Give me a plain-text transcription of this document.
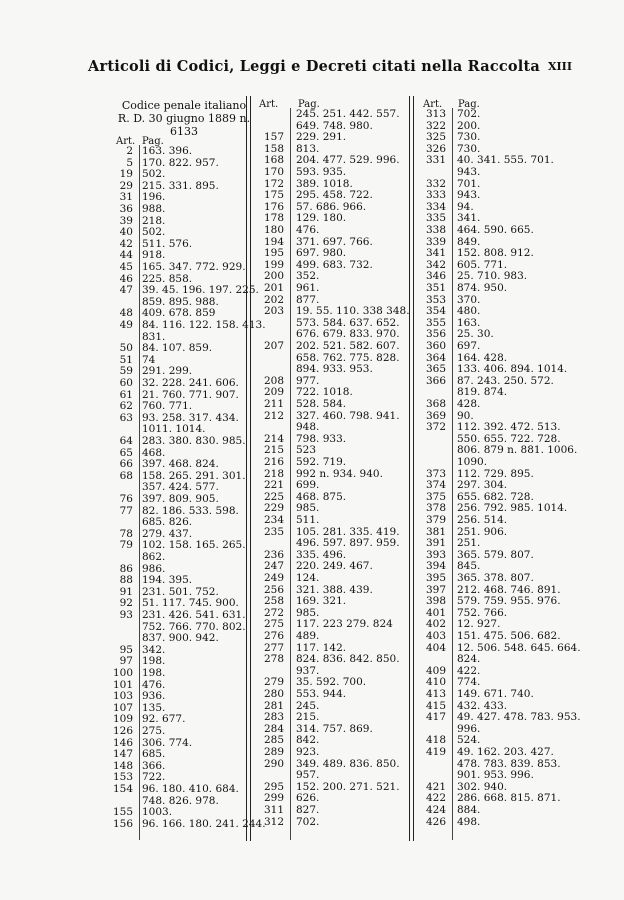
Articoli di Codici, Leggi e Decreti citati nella Raccolta XIII
Codice penale italiano
R. D. 30 giugno 1889 n. 6133
Art. Pag.
Art. Pag.	Art. Pag.
2 163. 396.
5 170. 822. 957.
19 502.
29 215. 331. 895.
31 196.
36 988.
39 218.
40 502.
42 511. 576.
44 918.
45 165. 347. 772. 929.
46 225. 858.
47 39. 45. 196. 197. 225.
859. 895. 988.
48 409. 678. 859
49 84. 116. 122. 158. 413.
831.
50 84. 107. 859.
51 74
59 291. 299.
60 32. 228. 241. 606.
61 21. 760. 771. 907.
62 760. 771.
63 93. 258. 317. 434.
1011. 1014.
64 283. 380. 830. 985.
65 468.
66 397. 468. 824.
68 158. 265. 291. 301.
357. 424. 577.
76 397. 809. 905.
77 82. 186. 533. 598.
685. 826.
78 279. 437.
79 102. 158. 165. 265.
862.
86 986.
88 194. 395.
91 231. 501. 752.
92 51. 117. 745. 900.
93 231. 426. 541. 631.
752. 766. 770. 802.
837. 900. 942.
95 342.
97 198.
100 198.
101 476.
103 936.
107 135.
109 92. 677.
126 275.
146 306. 774.
147 685.
148 366.
153 722.
154 96. 180. 410. 684.
748. 826. 978.
155 1003.
156 96. 166. 180. 241. 244.
245. 251. 442. 557.
649. 748. 980.
157 229. 291.
158 813.
168 204. 477. 529. 996.
170 593. 935.
172 389. 1018.
175 295. 458. 722.
176 57. 686. 966.
178 129. 180.
180 476.
194 371. 697. 766.
195 697. 980.
199 499. 683. 732.
200 352.
201 961.
202 877.
203 19. 55. 110. 338 348.
573. 584. 637. 652.
676. 679. 833. 970.
207 202. 521. 582. 607.
658. 762. 775. 828.
894. 933. 953.
208 977.
209 722. 1018.
211 528. 584.
212 327. 460. 798. 941.
948.
214 798. 933.
215 523
216 592. 719.
218 992 n. 934. 940.
221 699.
225 468. 875.
229 985.
234 511.
235 105. 281. 335. 419.
496. 597. 897. 959.
236 335. 496.
247 220. 249. 467.
249 124.
256 321. 388. 439.
258 169. 321.
272 985.
275 117. 223 279. 824
276 489.
277 117. 142.
278 824. 836. 842. 850.
937.
279 35. 592. 700.
280 553. 944.
281 245.
283 215.
284 314. 757. 869.
285 842.
289 923.
290 349. 489. 836. 850.
957.
295 152. 200. 271. 521.
299 626.
311 827.
312 702.
313 702.
322 200.
325 730.
326 730.
331 40. 341. 555. 701.
943.
332 701.
333 943.
334 94.
335 341.
338 464. 590. 665.
339 849.
341 152. 808. 912.
342 605. 771.
346 25. 710. 983.
351 874. 950.
353 370.
354 480.
355 163.
356 25. 30.
360 697.
364 164. 428.
365 133. 406. 894. 1014.
366 87. 243. 250. 572.
819. 874.
368 428.
369 90.
372 112. 392. 472. 513.
550. 655. 722. 728.
806. 879 n. 881. 1006.
1090.
373 112. 729. 895.
374 297. 304.
375 655. 682. 728.
378 256. 792. 985. 1014.
379 256. 514.
381 251. 906.
391 251.
393 365. 579. 807.
394 845.
395 365. 378. 807.
397 212. 468. 746. 891.
398 579. 759. 955. 976.
401 752. 766.
402 12. 927.
403 151. 475. 506. 682.
404 12. 506. 548. 645. 664.
824.
409 422.
410 774.
413 149. 671. 740.
415 432. 433.
417 49. 427. 478. 783. 953.
996.
418 524.
419 49. 162. 203. 427.
478. 783. 839. 853.
901. 953. 996.
421 302. 940.
422 286. 668. 815. 871.
424 884.
426 498.
